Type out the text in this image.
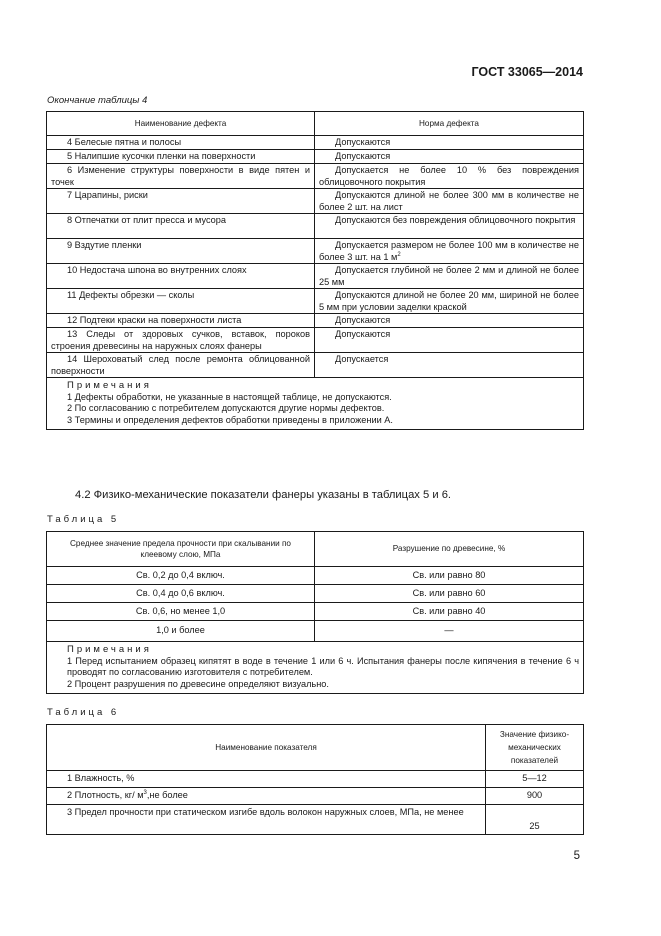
ГОСТ 33065—2014
Окончание таблицы 4
Наименование дефекта	Норма дефекта
4 Белесые пятна и полосы	Допускаются
5 Налипшие кусочки пленки на поверхности	Допускаются
6 Изменение структуры поверхности в виде пятен и точек	Допускается не более 10 % без повреждения облицовочного покрытия
7 Царапины, риски	Допускаются длиной не более 300 мм в количестве не более 2 шт. на лист
8 Отпечатки от плит пресса и мусора	Допускаются без повреждения облицовочного покрытия
9 Вздутие пленки	Допускается размером не более 100 мм в количестве не более 3 шт. на 1 $м^2$
10 Недостача шпона во внутренних слоях	Допускается глубиной не более 2 мм и длиной не более 25 мм
11 Дефекты обрезки — сколы	Допускаются длиной не более 20 мм, шириной не более 5 мм при условии заделки краской
12 Подтеки краски на поверхности листа	Допускаются
13 Следы от здоровых сучков, вставок, пороков строения древесины на наружных слоях фанеры	Допускаются
14 Шероховатый след после ремонта облицованной поверхности	Допускается

Примечания
1 Дефекты обработки, не указанные в настоящей таблице, не допускаются.
2 По согласованию с потребителем допускаются другие нормы дефектов.
3 Термины и определения дефектов обработки приведены в приложении А.	
4.2 Физико-механические показатели фанеры указаны в таблицах 5 и 6.
Таблица 5
Среднее значение предела прочности при скалывании по клеевому слою, МПа	Разрушение по древесине, %
Св. 0,2 до 0,4 включ.	Св. или равно 80
Св. 0,4 до 0,6 включ.	Св. или равно 60
Св. 0,6, но менее 1,0	Св. или равно 40
1,0 и более	—

Примечания
1 Перед испытанием образец кипятят в воде в течение 1 или 6 ч. Испытания фанеры после кипячения в течение 6 ч проводят по согласованию изготовителя с потребителем.
2 Процент разрушения по древесине определяют визуально.	
Таблица 6
Наименование показателя	Значение физико-механических показателей
1 Влажность, %	5—12
2 Плотность, кг/ $м^3,не$ более	900
3 Предел прочности при статическом изгибе вдоль волокон наружных слоев, МПа, не менее	25
5
